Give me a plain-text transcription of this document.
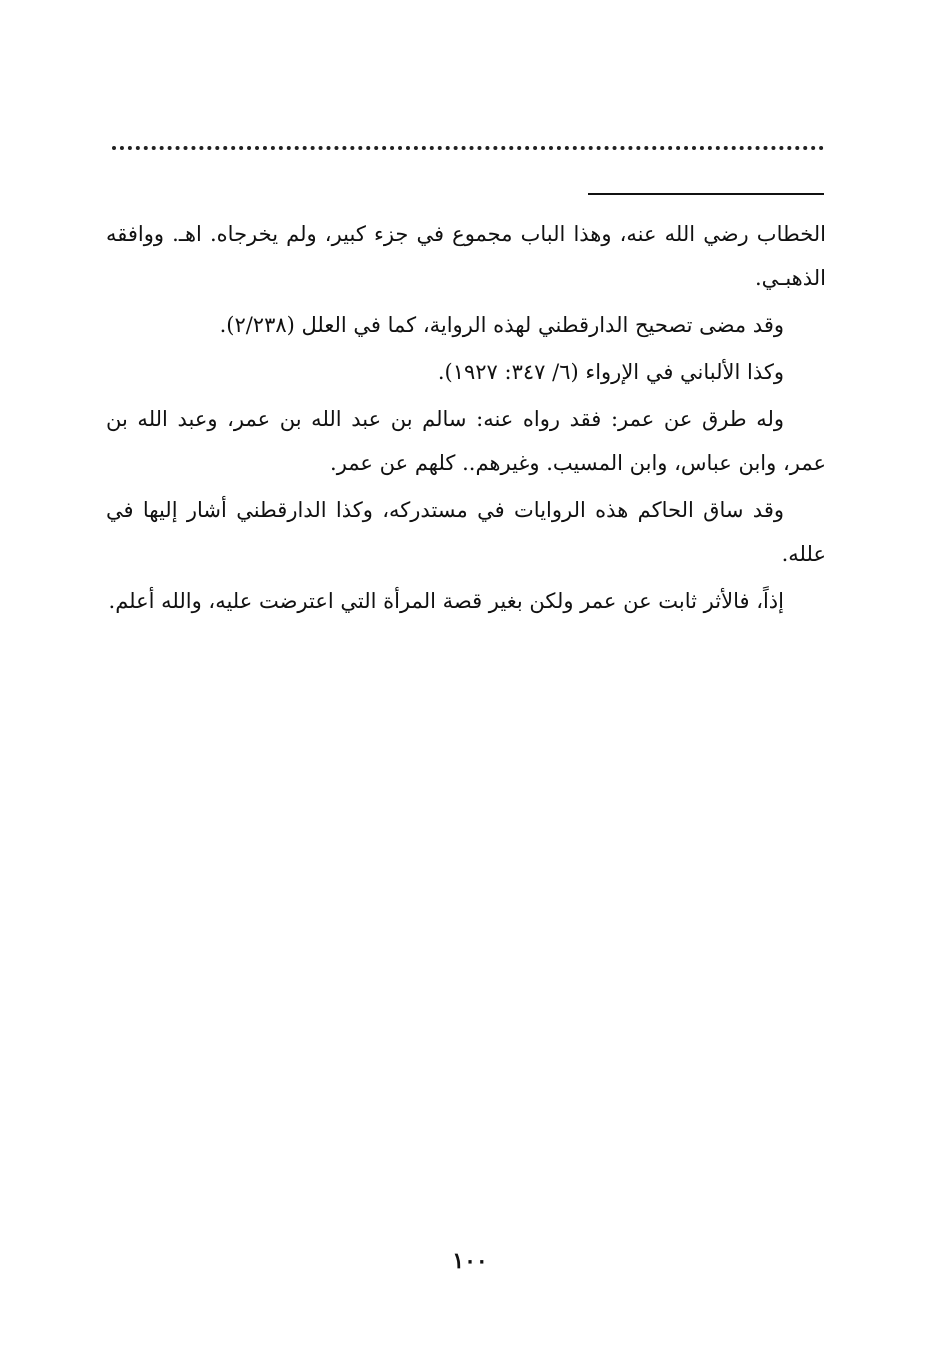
الخطاب رضي الله عنه، وهذا الباب مجموع في جزء كبير، ولم يخرجاه. اهـ. ووافقه الذهبـي.

وقد مضى تصحيح الدارقطني لهذه الرواية، كما في العلل (٢/٢٣٨).

وكذا الألباني في الإرواء (٦/ ٣٤٧: ١٩٢٧).

وله طرق عن عمر: فقد رواه عنه: سالم بن عبد الله بن عمر، وعبد الله بن عمر، وابن عباس، وابن المسيب. وغيرهم.. كلهم عن عمر.

وقد ساق الحاكم هذه الروايات في مستدركه، وكذا الدارقطني أشار إليها في علله.

إذاً، فالأثر ثابت عن عمر ولكن بغير قصة المرأة التي اعترضت عليه، والله أعلم.

١٠٠
